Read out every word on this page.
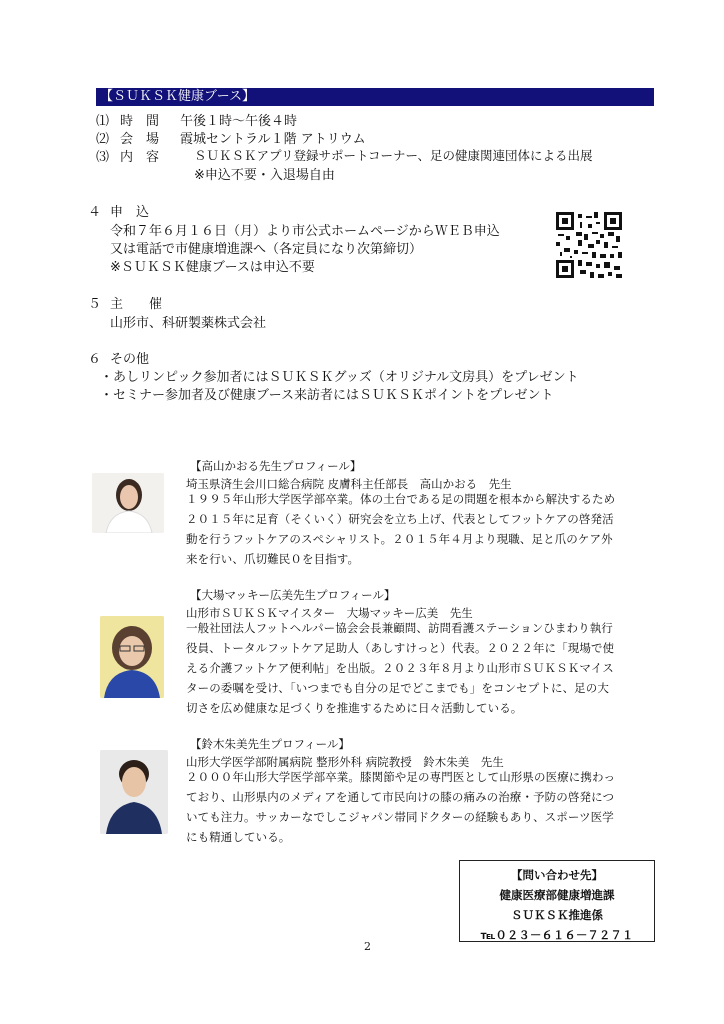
【ＳＵＫＳＫ健康ブース】
⑴ 時　間 午後１時～午後４時
⑵ 会　場 霞城セントラル１階 アトリウム
⑶ 内　容	ＳＵＫＳＫアプリ登録サポートコーナー、足の健康関連団体による出展
※申込不要・入退場自由
４ 申　込
令和７年６月１６日（月）より市公式ホームページからＷＥＢ申込
又は電話で市健康増進課へ（各定員になり次第締切）
※ＳＵＫＳＫ健康ブースは申込不要
５ 主　　催
山形市、科研製薬株式会社
６ その他
・あしリンピック参加者にはＳＵＫＳＫグッズ（オリジナル文房具）をプレゼント
・セミナー参加者及び健康ブース来訪者にはＳＵＫＳＫポイントをプレゼント
【高山かおる先生プロフィール】
埼玉県済生会川口総合病院 皮膚科主任部長　高山かおる　先生
１９９５年山形大学医学部卒業。体の土台である足の問題を根本から解決するため
２０１５年に足育（そくいく）研究会を立ち上げ、代表としてフットケアの啓発活
動を行うフットケアのスペシャリスト。２０１５年４月より現職、足と爪のケア外
来を行い、爪切難民０を目指す。
【大場マッキー広美先生プロフィール】
山形市ＳＵＫＳＫマイスター　大場マッキー広美　先生
一般社団法人フットヘルパー協会会長兼顧問、訪問看護ステーションひまわり執行
役員、トータルフットケア足助人（あしすけっと）代表。２０２２年に「現場で使
える介護フットケア便利帖」を出版。２０２３年８月より山形市ＳＵＫＳＫマイス
ターの委嘱を受け、「いつまでも自分の足でどこまでも」をコンセプトに、足の大
切さを広め健康な足づくりを推進するために日々活動している。
【鈴木朱美先生プロフィール】
山形大学医学部附属病院 整形外科 病院教授　鈴木朱美　先生
２０００年山形大学医学部卒業。膝関節や足の専門医として山形県の医療に携わっ
ており、山形県内のメディアを通して市民向けの膝の痛みの治療・予防の啓発につ
いても注力。サッカーなでしこジャパン帯同ドクターの経験もあり、スポーツ医学
にも精通している。
【問い合わせ先】
健康医療部健康増進課
ＳＵＫＳＫ推進係
℡０２３－６１６－７２７１
2
